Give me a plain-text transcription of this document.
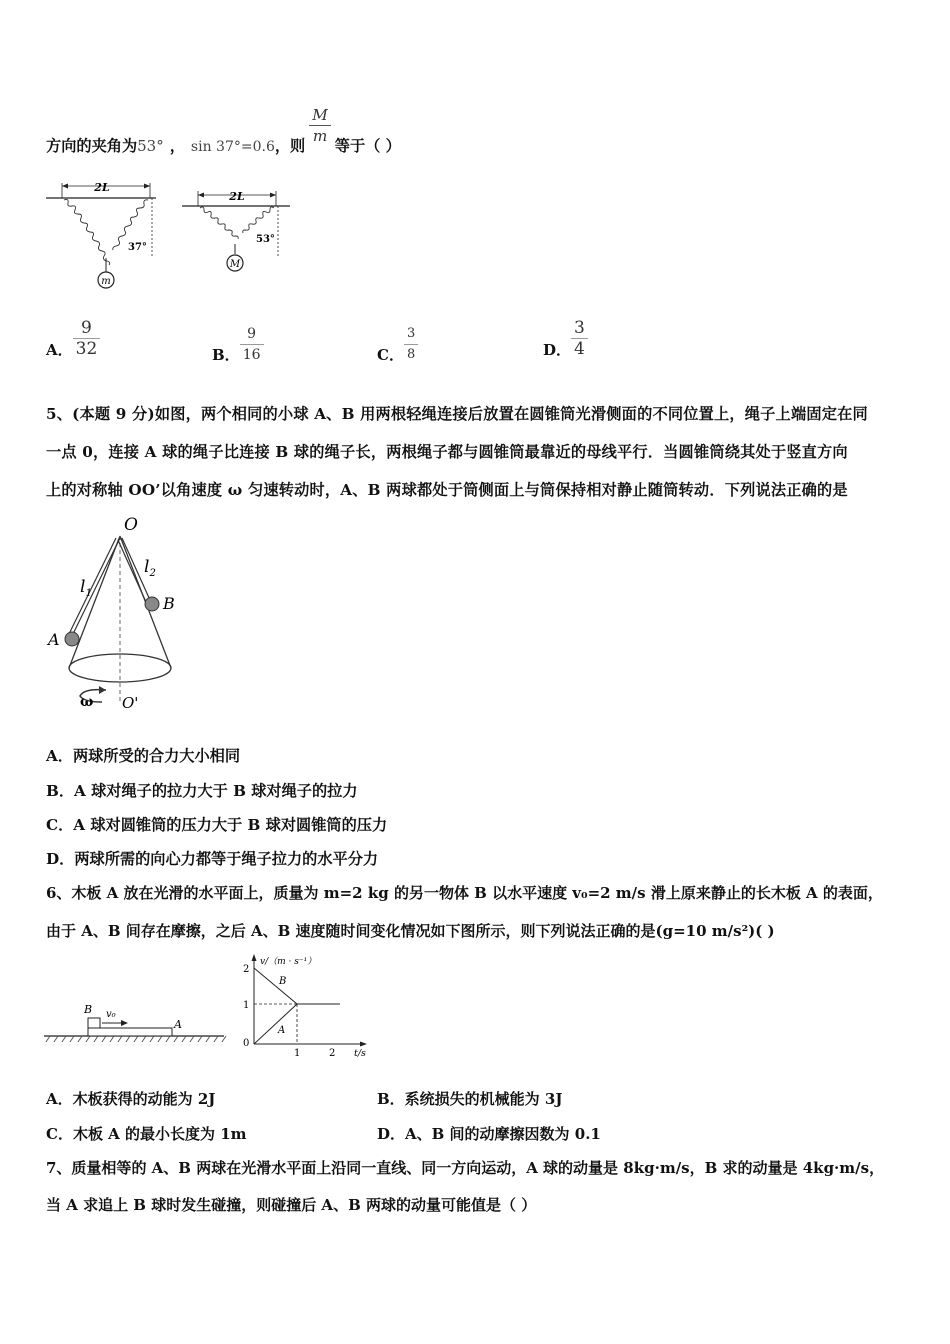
方向的夹角为53° ， sin 37°=0.6，则 $\frac{M}{m}$ 等于（ ）
2L
37°
m
2L
53°
M
A． $\frac{9}{32}$	B． $\frac{9}{16}$	C． $\frac{3}{8}$	D． $\frac{3}{4}$
5、(本题 9 分)如图，两个相同的小球 A、B 用两根轻绳连接后放置在圆锥筒光滑侧面的不同位置上，绳子上端固定在同
一点 0，连接 A 球的绳子比连接 B 球的绳子长，两根绳子都与圆锥筒最靠近的母线平行．当圆锥筒绕其处于竖直方向
上的对称轴 OO’以角速度 ω 匀速转动时，A、B 两球都处于筒侧面上与筒保持相对静止随筒转动．下列说法正确的是
O
A
B
$l_1$
$l_2$
ω O'
A．两球所受的合力大小相同
B．A 球对绳子的拉力大于 B 球对绳子的拉力
C．A 球对圆锥筒的压力大于 B 球对圆锥筒的压力
D．两球所需的向心力都等于绳子拉力的水平分力
6、木板 A 放在光滑的水平面上，质量为 m=2 kg 的另一物体 B 以水平速度 v₀=2 m/s 滑上原来静止的长木板 A 的表面，
由于 A、B 间存在摩擦，之后 A、B 速度随时间变化情况如下图所示，则下列说法正确的是(g=10 m/s²)( )
B v₀
A
v/（m · s⁻¹）
t/s
2
1
0
1	2
B
A
A．木板获得的动能为 2J	B．系统损失的机械能为 3J
C．木板 A 的最小长度为 1m	D．A、B 间的动摩擦因数为 0.1
7、质量相等的 A、B 两球在光滑水平面上沿同一直线、同一方向运动，A 球的动量是 8kg·m/s，B 求的动量是 4kg·m/s，
当 A 求追上 B 球时发生碰撞，则碰撞后 A、B 两球的动量可能值是（ ）
